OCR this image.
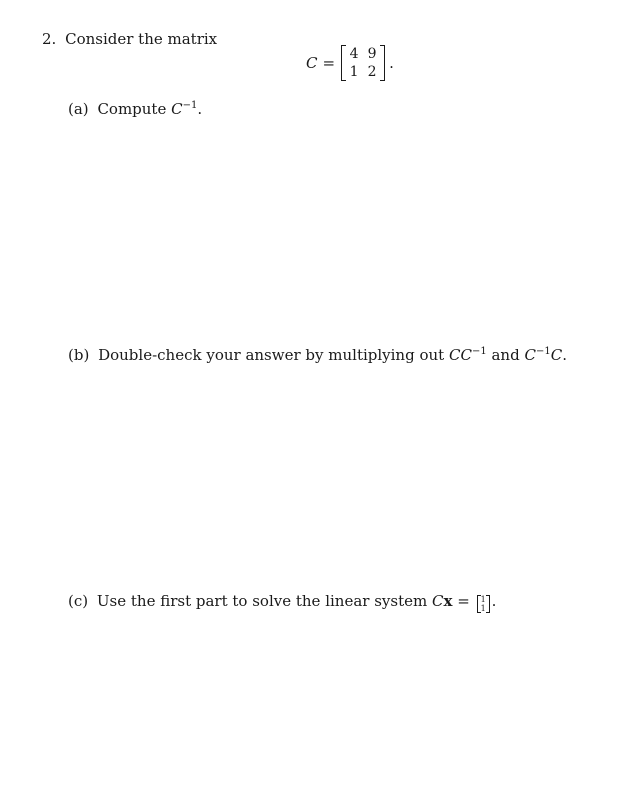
2. Consider the matrix
C = 4 9
1 2 .
(a) Compute $C^{-1}$.
(b) Double-check your answer by multiplying out $CC^{-1}$ and $C^{-1}C$.
(c) Use the first part to solve the linear system Cx = 1
1 .
